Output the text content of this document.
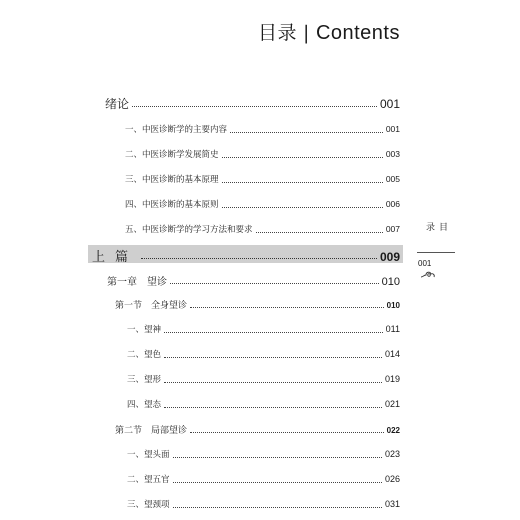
目录 | Contents
绪论	001
一、中医诊断学的主要内容	001
二、中医诊断学发展简史	003
三、中医诊断的基本原理	005
四、中医诊断的基本原则	006
五、中医诊断学的学习方法和要求	007
上篇	009
第一章　望诊	010
第一节　全身望诊	010
一、望神	011
二、望色	014
三、望形	019
四、望态	021
第二节　局部望诊	022
一、望头面	023
二、望五官	026
三、望颈项	031
目录
001
